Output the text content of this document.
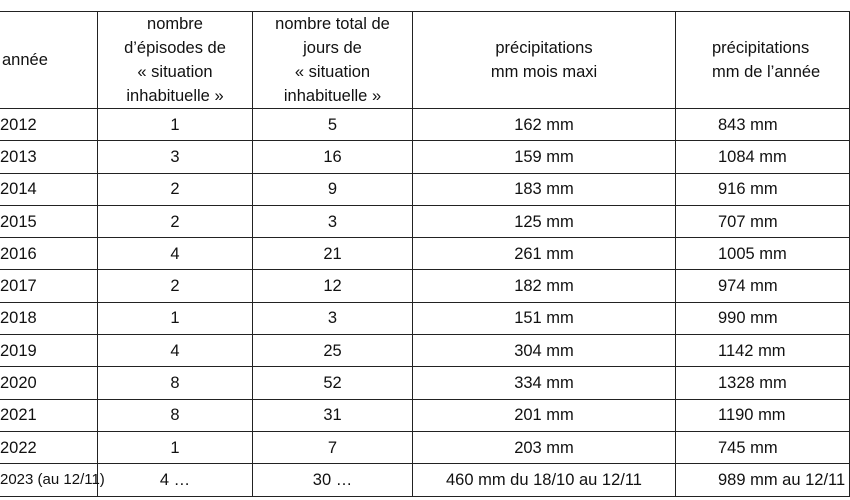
année	nombre
d’épisodes de
« situation
inhabituelle »	nombre total de
jours de
« situation
inhabituelle »	précipitations
mm mois maxi	précipitations
mm de l’année

2012	1	5	162 mm	843 mm
2013	3	16	159 mm	1084 mm
2014	2	9	183 mm	916 mm
2015	2	3	125 mm	707 mm
2016	4	21	261 mm	1005 mm
2017	2	12	182 mm	974 mm
2018	1	3	151 mm	990 mm
2019	4	25	304 mm	1142 mm
2020	8	52	334 mm	1328 mm
2021	8	31	201 mm	1190 mm
2022	1	7	203 mm	745 mm
2023 (au 12/11)	4 …	30 …	460 mm du 18/10 au 12/11	989 mm au 12/11
